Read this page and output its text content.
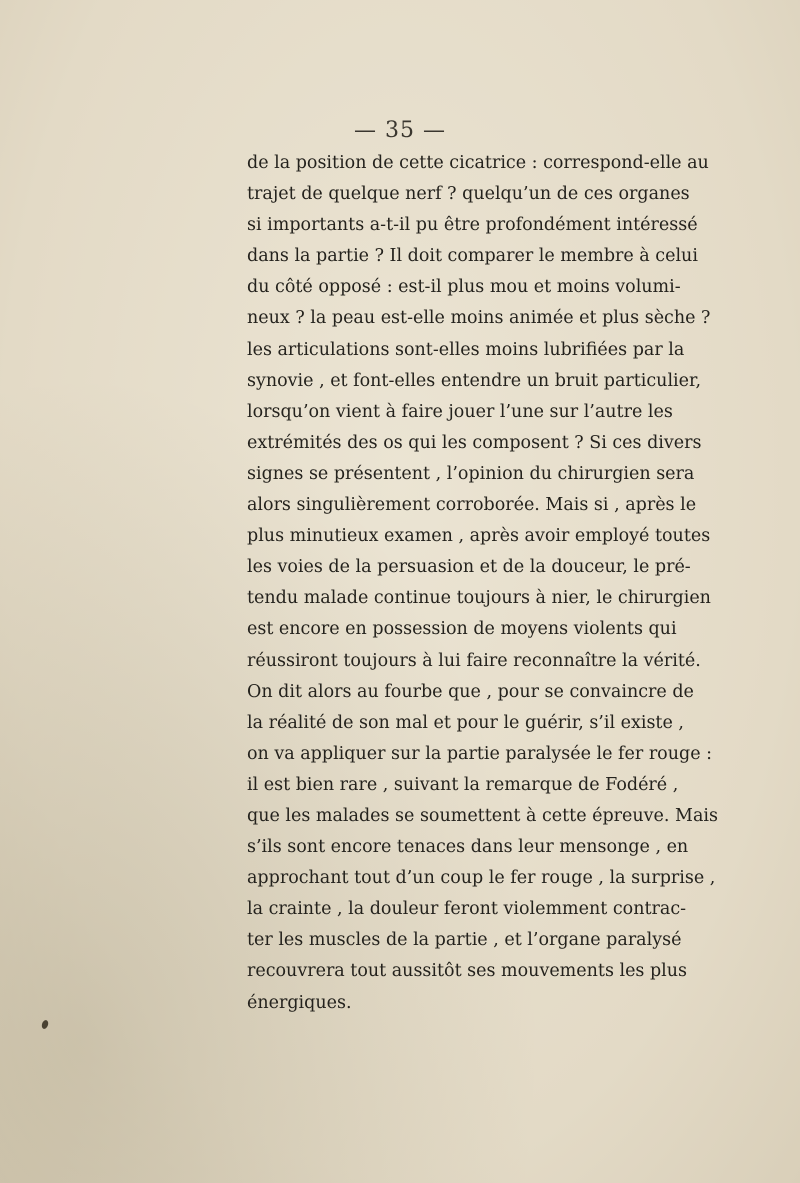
— 35 —
de la position de cette cicatrice : correspond-elle au
trajet de quelque nerf ? quelqu’un de ces organes
si importants a-t-il pu être profondément intéressé
dans la partie ? Il doit comparer le membre à celui
du côté opposé : est-il plus mou et moins volumi-
neux ? la peau est-elle moins animée et plus sèche ?
les articulations sont-elles moins lubrifiées par la
synovie , et font-elles entendre un bruit particulier,
lorsqu’on vient à faire jouer l’une sur l’autre les
extrémités des os qui les composent ? Si ces divers
signes se présentent , l’opinion du chirurgien sera
alors singulièrement corroborée. Mais si , après le
plus minutieux examen , après avoir employé toutes
les voies de la persuasion et de la douceur, le pré-
tendu malade continue toujours à nier, le chirurgien
est encore en possession de moyens violents qui
réussiront toujours à lui faire reconnaître la vérité.
On dit alors au fourbe que , pour se convaincre de
la réalité de son mal et pour le guérir, s’il existe ,
on va appliquer sur la partie paralysée le fer rouge :
il est bien rare , suivant la remarque de Fodéré ,
que les malades se soumettent à cette épreuve. Mais
s’ils sont encore tenaces dans leur mensonge , en
approchant tout d’un coup le fer rouge , la surprise ,
la crainte , la douleur feront violemment contrac-
ter les muscles de la partie , et l’organe paralysé
recouvrera tout aussitôt ses mouvements les plus
énergiques.
